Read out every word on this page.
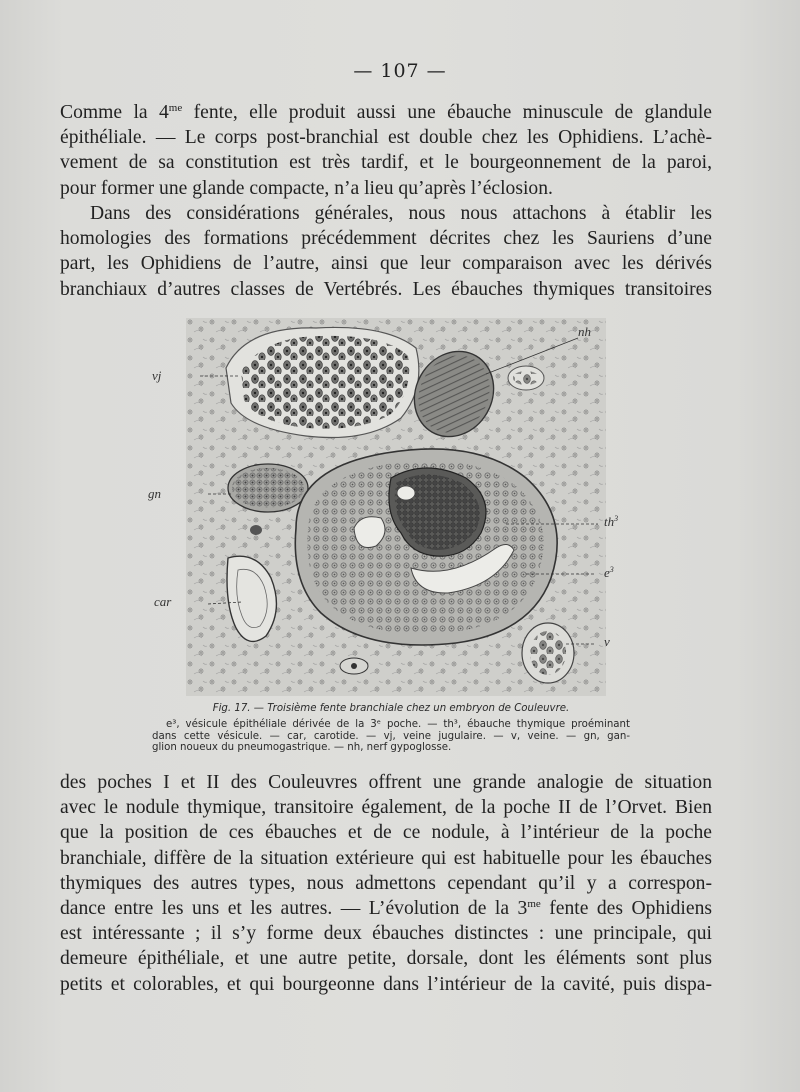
— 107 —

Comme la $4^{me}$ fente, elle produit aussi une ébauche minuscule de glandule
épithéliale. — Le corps post-branchial est double chez les Ophidiens. L’achè-
vement de sa constitution est très tardif, et le bourgeonnement de la paroi,
pour former une glande compacte, n’a lieu qu’après l’éclosion.

Dans des considérations générales, nous nous attachons à établir les
homologies des formations précédemment décrites chez les Sauriens d’une
part, les Ophidiens de l’autre, ainsi que leur comparaison avec les dérivés
branchiaux d’autres classes de Vertébrés. Les ébauches thymiques transitoires

nh
vj
gn
car
$th^3$
$e^3$
v

Fig. 17. — Troisième fente branchiale chez un embryon de Couleuvre.

e³, vésicule épithéliale dérivée de la 3ᵉ poche. — th³, ébauche thymique proéminant
dans cette vésicule. — car, carotide. — vj, veine jugulaire. — v, veine. — gn, gan-
glion noueux du pneumogastrique. — nh, nerf gypoglosse.

des poches I et II des Couleuvres offrent une grande analogie de situation
avec le nodule thymique, transitoire également, de la poche II de l’Orvet. Bien
que la position de ces ébauches et de ce nodule, à l’intérieur de la poche
branchiale, diffère de la situation extérieure qui est habituelle pour les ébauches
thymiques des autres types, nous admettons cependant qu’il y a correspon-
dance entre les uns et les autres. — L’évolution de la $3^{me}$ fente des Ophidiens
est intéressante ; il s’y forme deux ébauches distinctes : une principale, qui
demeure épithéliale, et une autre petite, dorsale, dont les éléments sont plus
petits et colorables, et qui bourgeonne dans l’intérieur de la cavité, puis dispa-
